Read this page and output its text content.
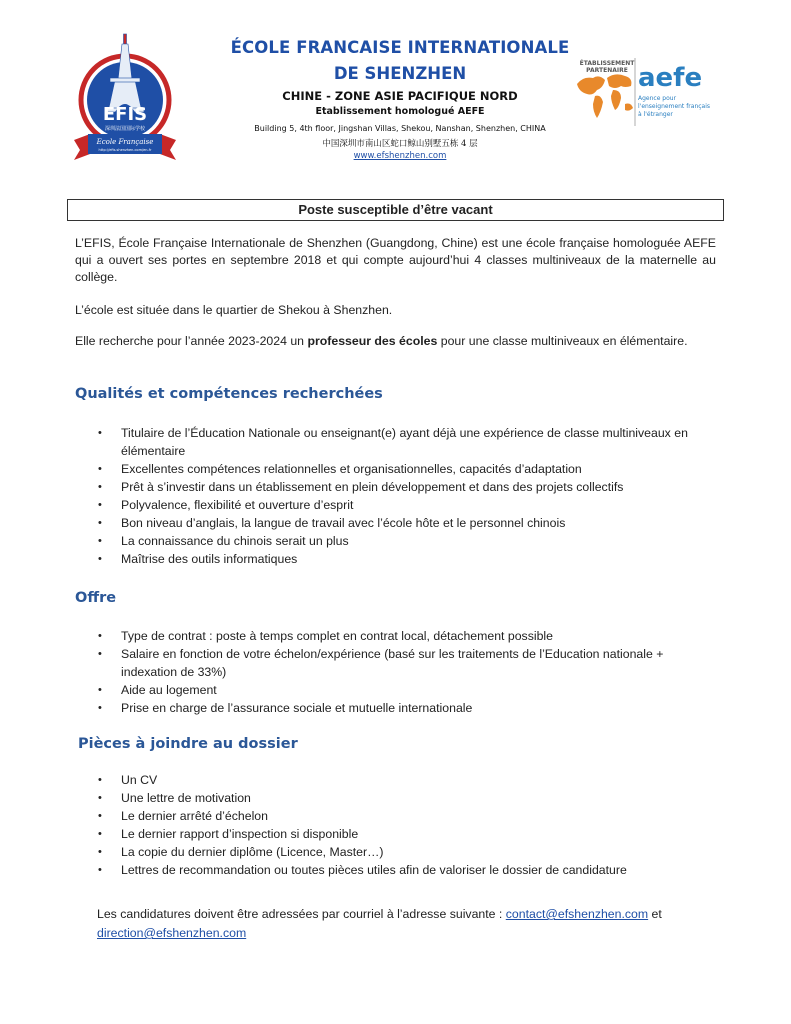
EFIS
深圳法国国际学校
Ecole Française
http://efis.shenzhen.com/en-fr
ÉCOLE FRANCAISE INTERNATIONALE
DE SHENZHEN
CHINE - ZONE ASIE PACIFIQUE NORD
Etablissement homologué AEFE
Building 5, 4th floor, Jingshan Villas, Shekou, Nanshan, Shenzhen, CHINA
中国深圳市南山区蛇口鲸山别墅五栋 4 层
www.efshenzhen.com
ÉTABLISSEMENT
PARTENAIRE aefe
Agence pour
l'enseignement français
à l'étranger
Poste susceptible d’être vacant
L’EFIS, École Française Internationale de Shenzhen (Guangdong, Chine) est une école française homologuée AEFE qui a ouvert ses portes en septembre 2018 et qui compte aujourd’hui 4 classes multiniveaux de la maternelle au collège.
L’école est située dans le quartier de Shekou à Shenzhen.
Elle recherche pour l’année 2023-2024 un professeur des écoles pour une classe multiniveaux en élémentaire.
Qualités et compétences recherchées
• Titulaire de l’Éducation Nationale ou enseignant(e) ayant déjà une expérience de classe multiniveaux en élémentaire
• Excellentes compétences relationnelles et organisationnelles, capacités d’adaptation
• Prêt à s’investir dans un établissement en plein développement et dans des projets collectifs
• Polyvalence, flexibilité et ouverture d’esprit
• Bon niveau d’anglais, la langue de travail avec l’école hôte et le personnel chinois
• La connaissance du chinois serait un plus
• Maîtrise des outils informatiques
Offre
• Type de contrat : poste à temps complet en contrat local, détachement possible
• Salaire en fonction de votre échelon/expérience (basé sur les traitements de l’Education nationale + indexation de 33%)
• Aide au logement
• Prise en charge de l’assurance sociale et mutuelle internationale
Pièces à joindre au dossier
• Un CV
• Une lettre de motivation
• Le dernier arrêté d’échelon
• Le dernier rapport d’inspection si disponible
• La copie du dernier diplôme (Licence, Master…)
• Lettres de recommandation ou toutes pièces utiles afin de valoriser le dossier de candidature
Les candidatures doivent être adressées par courriel à l’adresse suivante : contact@efshenzhen.com et direction@efshenzhen.com
